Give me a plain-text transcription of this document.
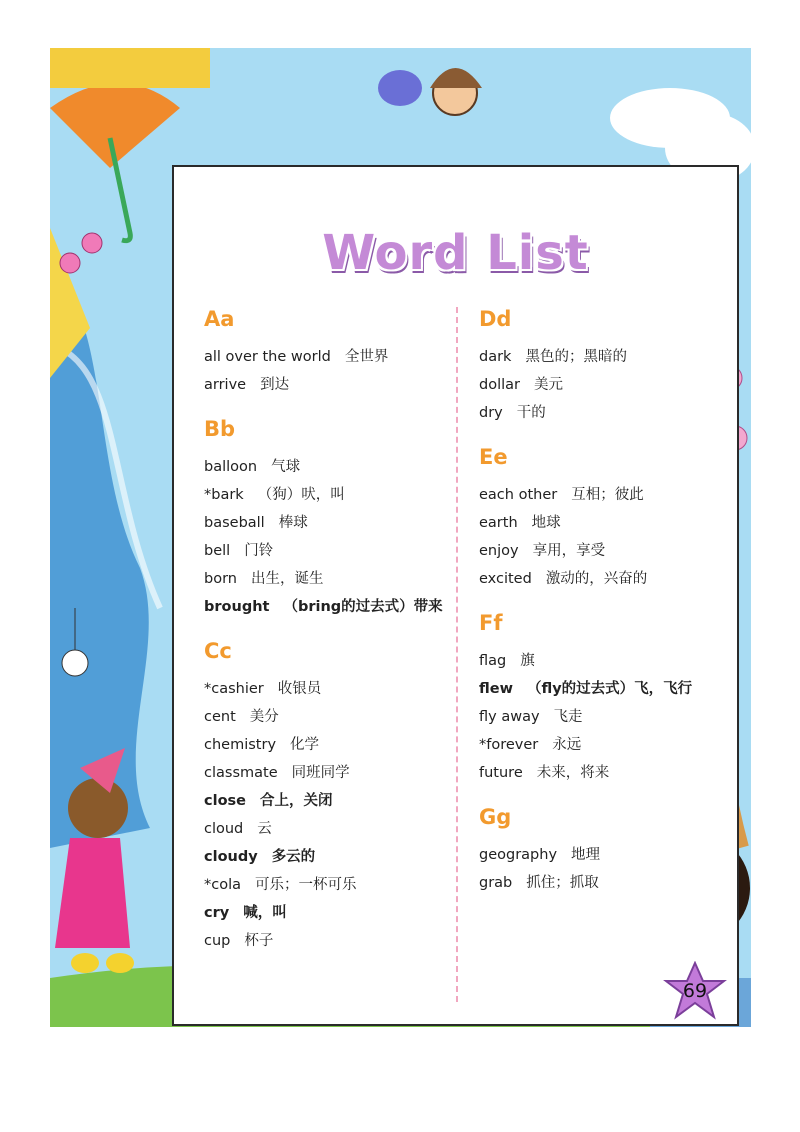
Word List
Aa
all over the world 全世界
arrive 到达
Bb
balloon 气球
*bark （狗）吠，叫
baseball 棒球
bell 门铃
born 出生，诞生
brought （bring的过去式）带来
Cc
*cashier 收银员
cent 美分
chemistry 化学
classmate 同班同学
close 合上，关闭
cloud 云
cloudy 多云的
*cola 可乐；一杯可乐
cry 喊，叫
cup 杯子
Dd
dark 黑色的；黑暗的
dollar 美元
dry 干的
Ee
each other 互相；彼此
earth 地球
enjoy 享用，享受
excited 激动的，兴奋的
Ff
flag 旗
flew （fly的过去式）飞，飞行
fly away 飞走
*forever 永远
future 未来，将来
Gg
geography 地理
grab 抓住；抓取
69
